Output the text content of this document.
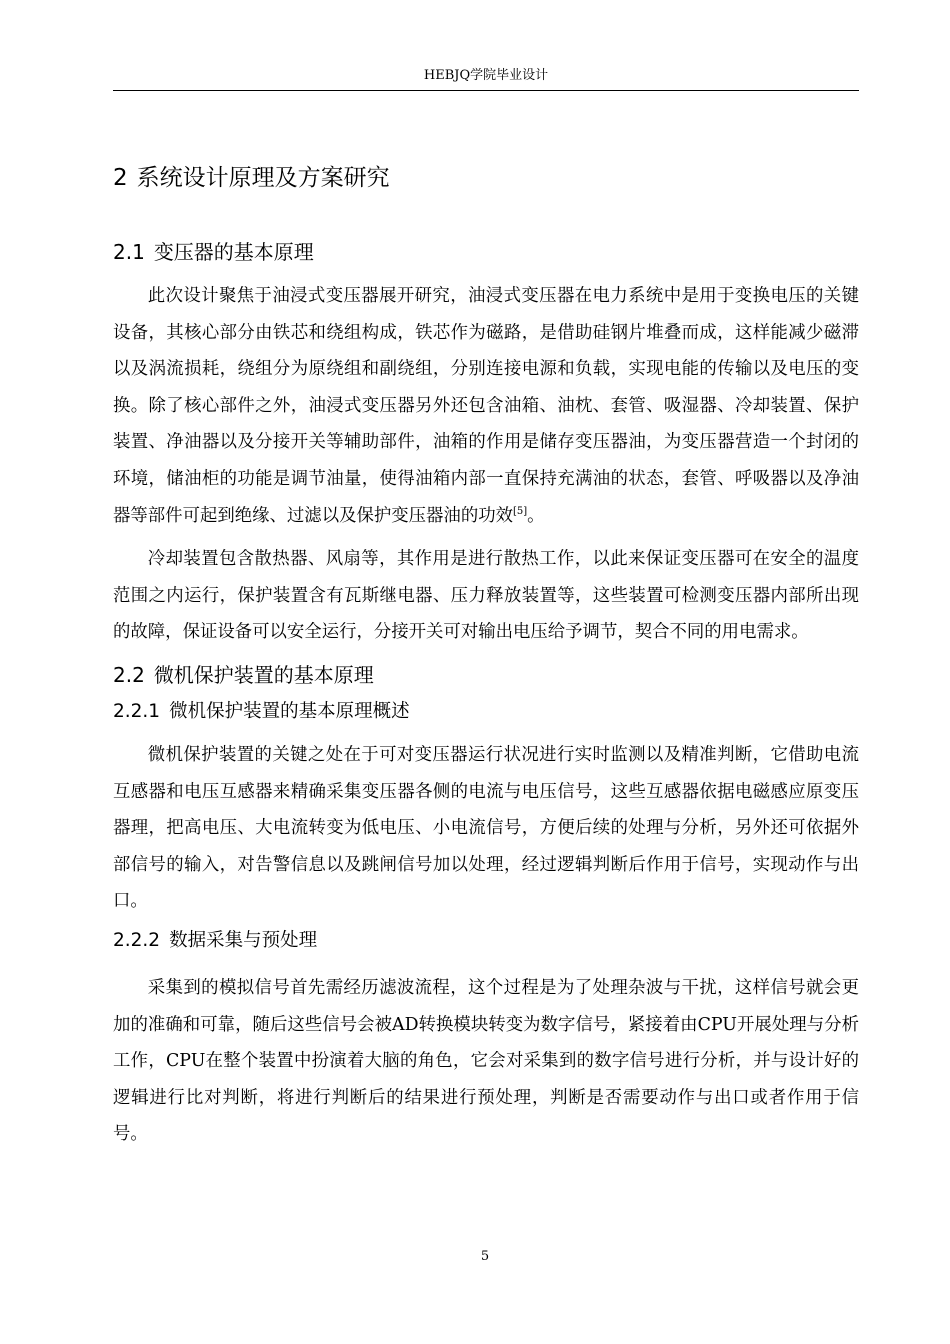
HEBJQ学院毕业设计
2 系统设计原理及方案研究
2.1 变压器的基本原理

此次设计聚焦于油浸式变压器展开研究，油浸式变压器在电力系统中是用于变换电压的关键设备，其核心部分由铁芯和绕组构成，铁芯作为磁路，是借助硅钢片堆叠而成，这样能减少磁滞以及涡流损耗，绕组分为原绕组和副绕组，分别连接电源和负载，实现电能的传输以及电压的变换。除了核心部件之外，油浸式变压器另外还包含油箱、油枕、套管、吸湿器、冷却装置、保护装置、净油器以及分接开关等辅助部件，油箱的作用是储存变压器油，为变压器营造一个封闭的环境，储油柜的功能是调节油量，使得油箱内部一直保持充满油的状态，套管、呼吸器以及净油器等部件可起到绝缘、过滤以及保护变压器油的功效[5]。

冷却装置包含散热器、风扇等，其作用是进行散热工作，以此来保证变压器可在安全的温度范围之内运行，保护装置含有瓦斯继电器、压力释放装置等，这些装置可检测变压器内部所出现的故障，保证设备可以安全运行，分接开关可对输出电压给予调节，契合不同的用电需求。

2.2 微机保护装置的基本原理
2.2.1 微机保护装置的基本原理概述

微机保护装置的关键之处在于可对变压器运行状况进行实时监测以及精准判断，它借助电流互感器和电压互感器来精确采集变压器各侧的电流与电压信号，这些互感器依据电磁感应原变压器理，把高电压、大电流转变为低电压、小电流信号，方便后续的处理与分析，另外还可依据外部信号的输入，对告警信息以及跳闸信号加以处理，经过逻辑判断后作用于信号，实现动作与出口。

2.2.2 数据采集与预处理

采集到的模拟信号首先需经历滤波流程，这个过程是为了处理杂波与干扰，这样信号就会更加的准确和可靠，随后这些信号会被AD转换模块转变为数字信号，紧接着由CPU开展处理与分析工作，CPU在整个装置中扮演着大脑的角色，它会对采集到的数字信号进行分析，并与设计好的逻辑进行比对判断，将进行判断后的结果进行预处理，判断是否需要动作与出口或者作用于信号。

5
